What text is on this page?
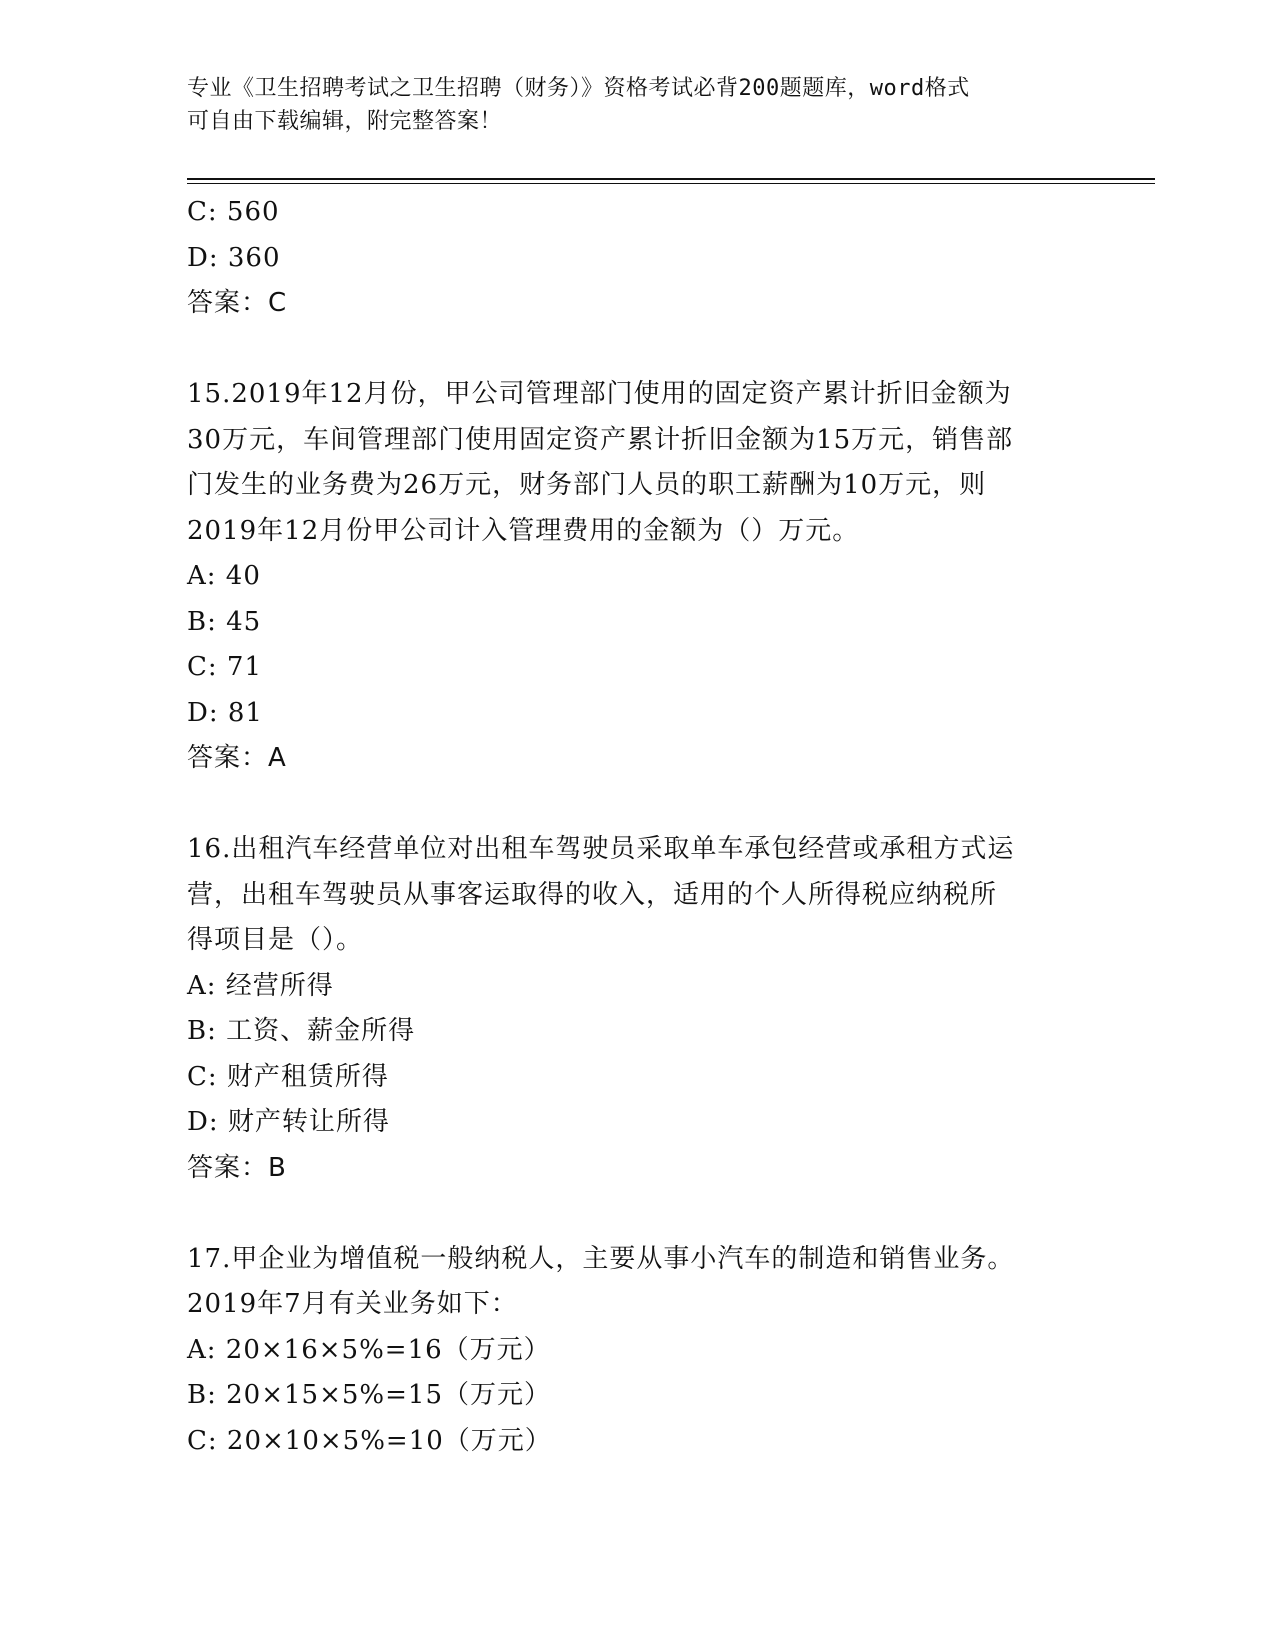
专业《卫生招聘考试之卫生招聘（财务）》资格考试必背200题题库，word格式
可自由下载编辑，附完整答案！
C: 560
D: 360
答案：C
15.2019年12月份，甲公司管理部门使用的固定资产累计折旧金额为
30万元，车间管理部门使用固定资产累计折旧金额为15万元，销售部
门发生的业务费为26万元，财务部门人员的职工薪酬为10万元，则
2019年12月份甲公司计入管理费用的金额为（）万元。
A: 40
B: 45
C: 71
D: 81
答案：A
16.出租汽车经营单位对出租车驾驶员采取单车承包经营或承租方式运
营，出租车驾驶员从事客运取得的收入，适用的个人所得税应纳税所
得项目是（）。
A: 经营所得
B: 工资、薪金所得
C: 财产租赁所得
D: 财产转让所得
答案：B
17.甲企业为增值税一般纳税人，主要从事小汽车的制造和销售业务。
2019年7月有关业务如下：
A: 20×16×5%=16（万元）
B: 20×15×5%=15（万元）
C: 20×10×5%=10（万元）
